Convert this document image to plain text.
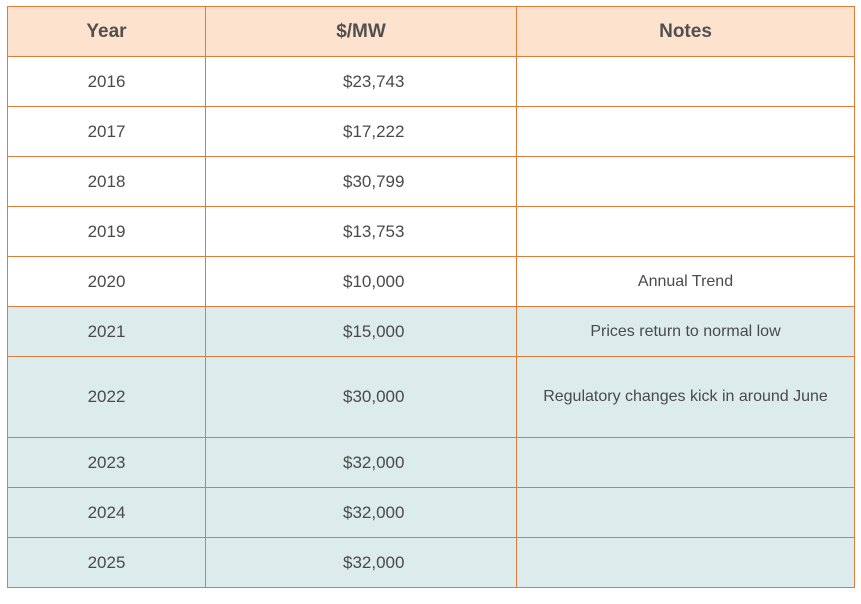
Year	$/MW	Notes
2016	$23,743	
2017	$17,222	
2018	$30,799	
2019	$13,753	
2020	$10,000	Annual Trend
2021	$15,000	Prices return to normal low
2022	$30,000	Regulatory changes kick in around June
2023	$32,000	
2024	$32,000	
2025	$32,000	
